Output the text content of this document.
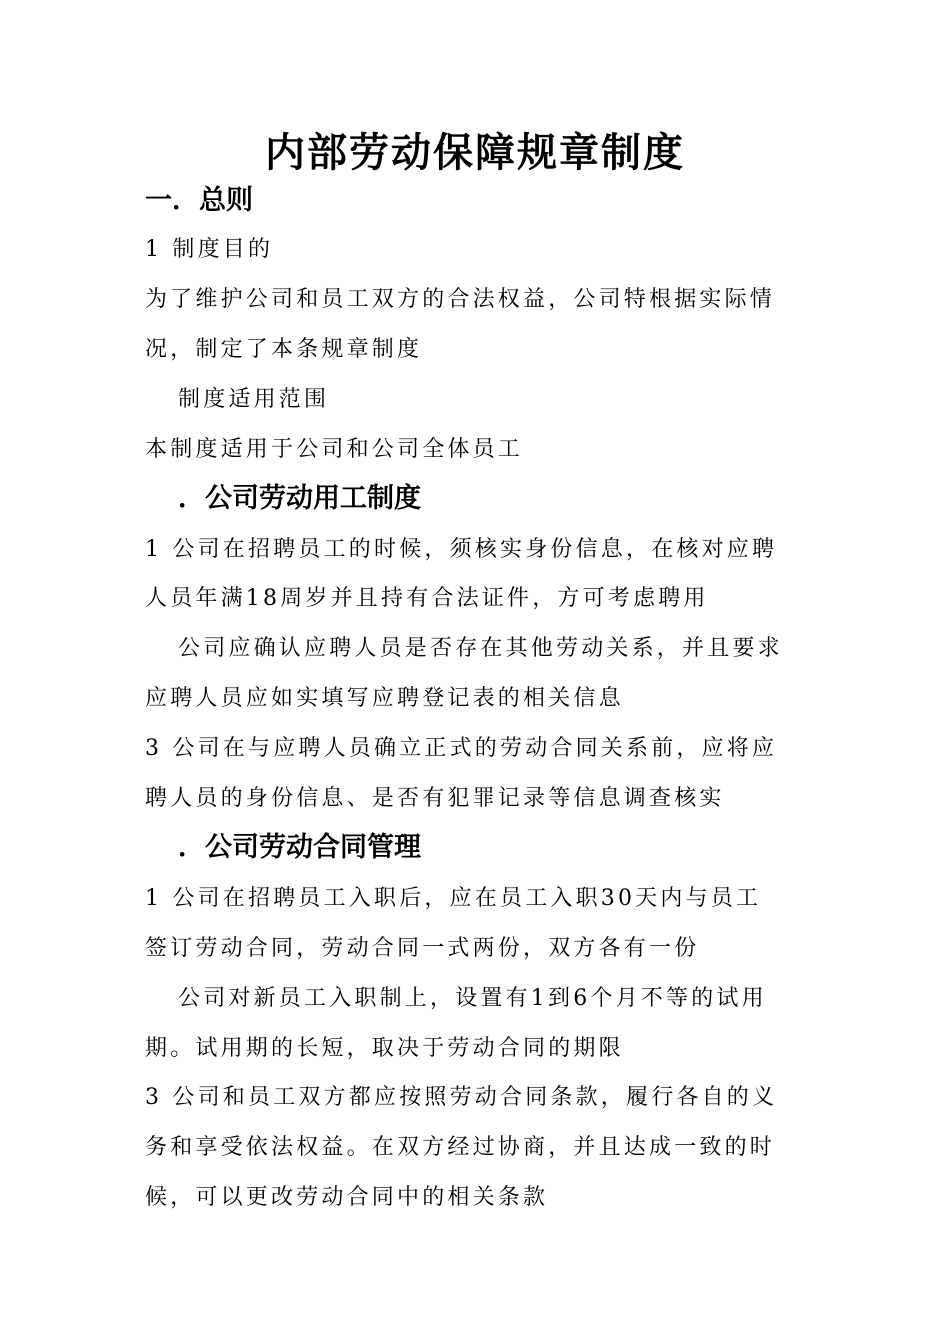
内部劳动保障规章制度
一．总则
1 制度目的
为了维护公司和员工双方的合法权益，公司特根据实际情
况，制定了本条规章制度
制度适用范围
本制度适用于公司和公司全体员工
．公司劳动用工制度
1 公司在招聘员工的时候，须核实身份信息，在核对应聘
人员年满18周岁并且持有合法证件，方可考虑聘用
公司应确认应聘人员是否存在其他劳动关系，并且要求
应聘人员应如实填写应聘登记表的相关信息
3 公司在与应聘人员确立正式的劳动合同关系前，应将应
聘人员的身份信息、是否有犯罪记录等信息调查核实
．公司劳动合同管理
1 公司在招聘员工入职后，应在员工入职30天内与员工
签订劳动合同，劳动合同一式两份，双方各有一份
公司对新员工入职制上，设置有1到6个月不等的试用
期。试用期的长短，取决于劳动合同的期限
3 公司和员工双方都应按照劳动合同条款，履行各自的义
务和享受依法权益。在双方经过协商，并且达成一致的时
候，可以更改劳动合同中的相关条款
